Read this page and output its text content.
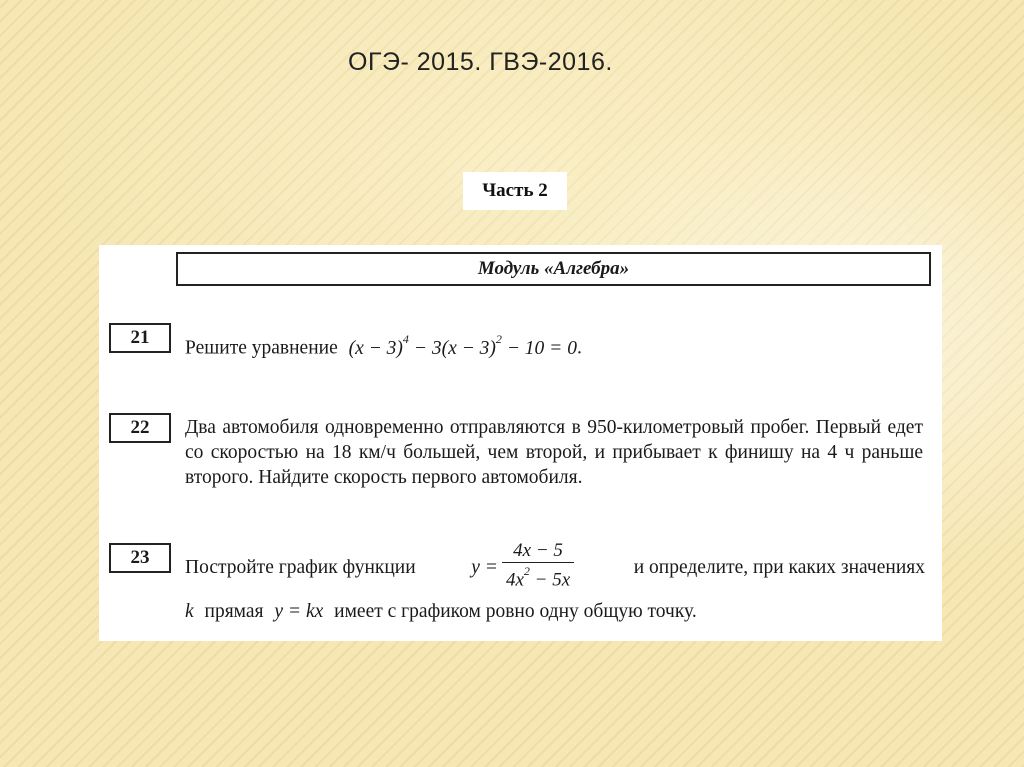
ОГЭ- 2015. ГВЭ-2016.
Часть 2
Модуль «Алгебра»
21	Решите уравнение $(x - 3)^4 - 3(x - 3)^2 - 10 = 0$.
22	Два автомобиля одновременно отправляются в 950-километровый пробег. Первый едет со скоростью на 18 км/ч большей, чем второй, и прибывает к финишу на 4 ч раньше второго. Найдите скорость первого автомобиля.
23	Постройте график функции	$y = \frac{4x - 5}{4x^2 - 5x}$	и определите, при каких значениях
k прямая y = kx имеет с графиком ровно одну общую точку.
